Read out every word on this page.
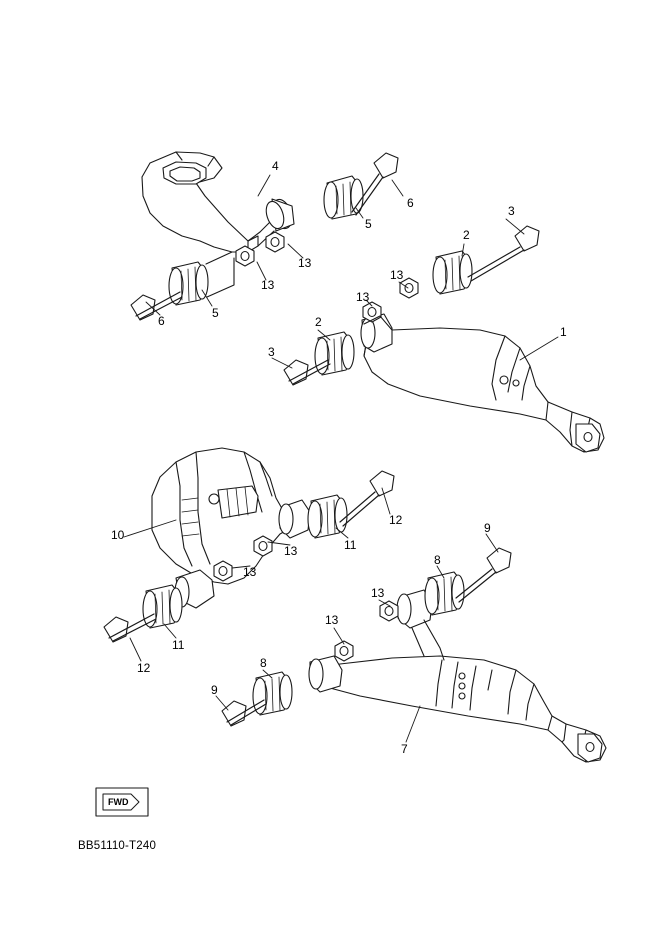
4
6
5
3
2
13
13
13
13
5
1
6	2
3
12
10
11
9
13
13
8
13
11
13
12	8
9
7
FWD
BB51110-T240
